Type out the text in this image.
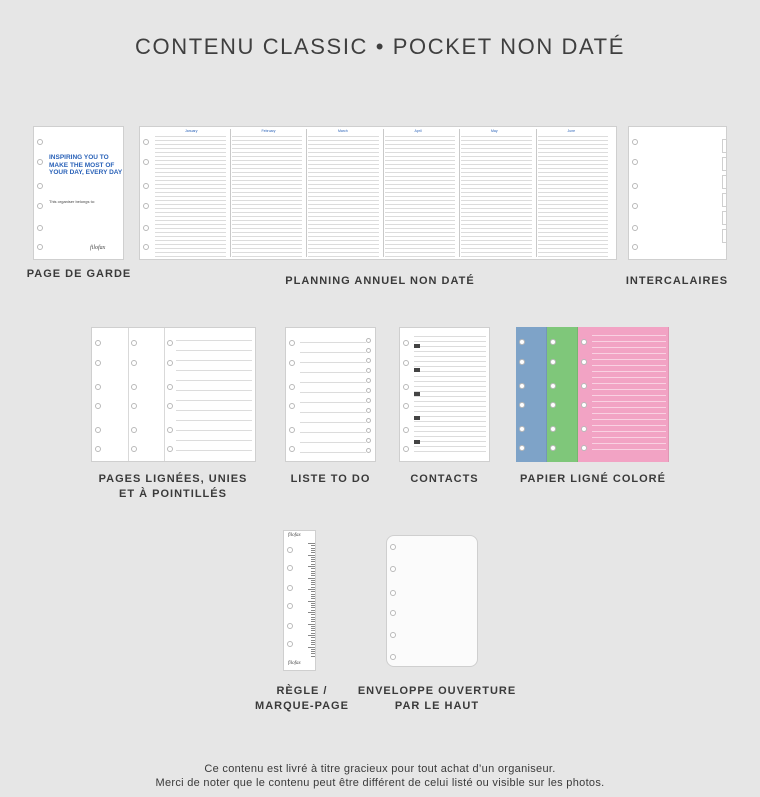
CONTENU CLASSIC • POCKET NON DATÉ
INSPIRING YOU TO MAKE THE MOST OF YOUR DAY, EVERY DAY
This organiser belongs to:
filofax
PAGE DE GARDE
January	February	March	April	May	June
PLANNING ANNUEL NON DATÉ	INTERCALAIRES
PAGES LIGNÉES, UNIES
ET À POINTILLÉS
LISTE TO DO	CONTACTS	PAPIER LIGNÉ COLORÉ
filofax
filofax
RÈGLE /
MARQUE-PAGE
ENVELOPPE OUVERTURE
PAR LE HAUT
Ce contenu est livré à titre gracieux pour tout achat d’un organiseur.
Merci de noter que le contenu peut être différent de celui listé ou visible sur les photos.
